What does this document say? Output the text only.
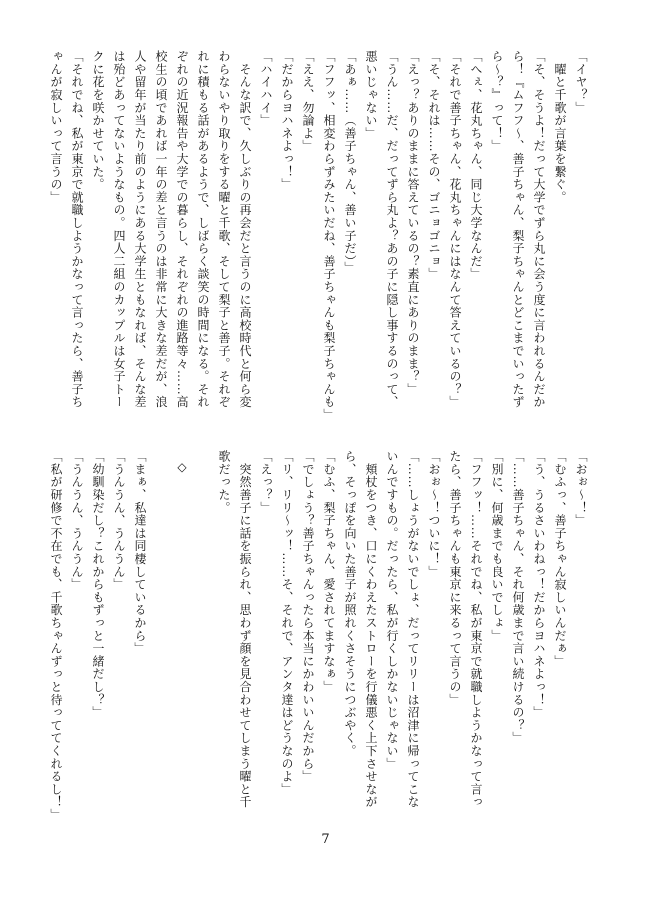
「イヤ？」
　曜と千歌が言葉を繋ぐ。
「そ、そうよ！だって大学でずら丸に会う度に言われるんだか
ら！『ムフフ～、善子ちゃん、梨子ちゃんとどこまでいったず
ら～？』って！」
「へぇ、花丸ちゃん、同じ大学なんだ」
「それで善子ちゃん、花丸ちゃんにはなんて答えているの？」
「そ、それは……その、ゴニョゴニョ」
「えっ？ありのままに答えているの？素直にありのまま？」
「うん……だ、だってずら丸よ？あの子に隠し事するのって、
悪いじゃない」
「あぁ……（善子ちゃん、善い子だ）」
「フフッ、相変わらずみたいだね、善子ちゃんも梨子ちゃんも」
「ええ、勿論よ」
「だからヨハネよっ！」
「ハイハイ」
　そんな訳で、久しぶりの再会だと言うのに高校時代と何ら変
わらないやり取りをする曜と千歌、そして梨子と善子。それぞ
れに積もる話があるようで、しばらく談笑の時間になる。それ
ぞれの近況報告や大学での暮らし、それぞれの進路等々……高
校生の頃であれば一年の差と言うのは非常に大きな差だが、浪
人や留年が当たり前のようにある大学生ともなれば、そんな差
は殆どあってないようなもの。四人二組のカップルは女子トー
クに花を咲かせていた。
「それでね、私が東京で就職しようかなって言ったら、善子ち
ゃんが寂しいって言うの」
「おぉ～！」
「むふっ、善子ちゃん寂しいんだぁ」
「う、うるさいわねっ！だからヨハネよっ！」
「……善子ちゃん、それ何歳まで言い続けるの？」
「別に、何歳までも良いでしょ」
「フフッ！……それでね、私が東京で就職しようかなって言っ
たら、善子ちゃんも東京に来るって言うの」
「おぉ～！ついに！」
「……しょうがないでしょ、だってリリーは沼津に帰ってこな
いんですもの。だったら、私が行くしかないじゃない」
　頬杖をつき、口にくわえたストローを行儀悪く上下させなが
ら、そっぽを向いた善子が照れくさそうにつぶやく。
「むふ、梨子ちゃん、愛されてますなぁ」
「でしょう？善子ちゃんったら本当にかわいいんだから」
「リ、リリ～ッ！……そ、それで、アンタ達はどうなのよ」
「えっ？」
　突然善子に話を振られ、思わず顔を見合わせてしまう曜と千
歌だった。

◇

「まぁ、私達は同棲しているから」
「うんうん、うんうん」
「幼馴染だし？これからもずっと一緒だし？」
「うんうん、うんうん」
「私が研修で不在でも、千歌ちゃんずっと待っててくれるし！」
7
